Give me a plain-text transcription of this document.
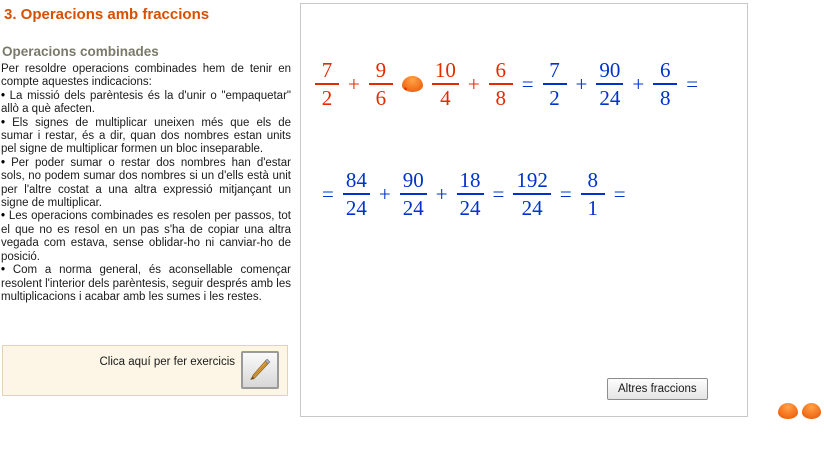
3. Operacions amb fraccions
Operacions combinades

Per resoldre operacions combinades hem de tenir en compte aquestes indicacions:

• La missió dels parèntesis és la d'unir o "empaquetar" allò a què afecten.

• Els signes de multiplicar uneixen més que els de sumar i restar, és a dir, quan dos nombres estan units pel signe de multiplicar formen un bloc inseparable.

• Per poder sumar o restar dos nombres han d'estar sols, no podem sumar dos nombres si un d'ells està unit per l'altre costat a una altra expressió mitjançant un signe de multiplicar.

• Les operacions combinades es resolen per passos, tot el que no es resol en un pas s'ha de copiar una altra vegada com estava, sense oblidar-ho ni canviar-ho de posició.

• Com a norma general, és aconsellable començar resolent l'interior dels parèntesis, seguir després amb les multiplicacions i acabar amb les sumes i les restes.

Clica aquí per fer exercicis
$\frac{7}{2} + \frac{9}{6}$ ·	$\frac{10}{4} + \frac{6}{8} = \frac{7}{2} + \frac{90}{24} + \frac{6}{8}$ =
= $\frac{84}{24} + \frac{90}{24} + \frac{18}{24} = \frac{192}{24} = \frac{8}{1}$ =
Altres fraccions
